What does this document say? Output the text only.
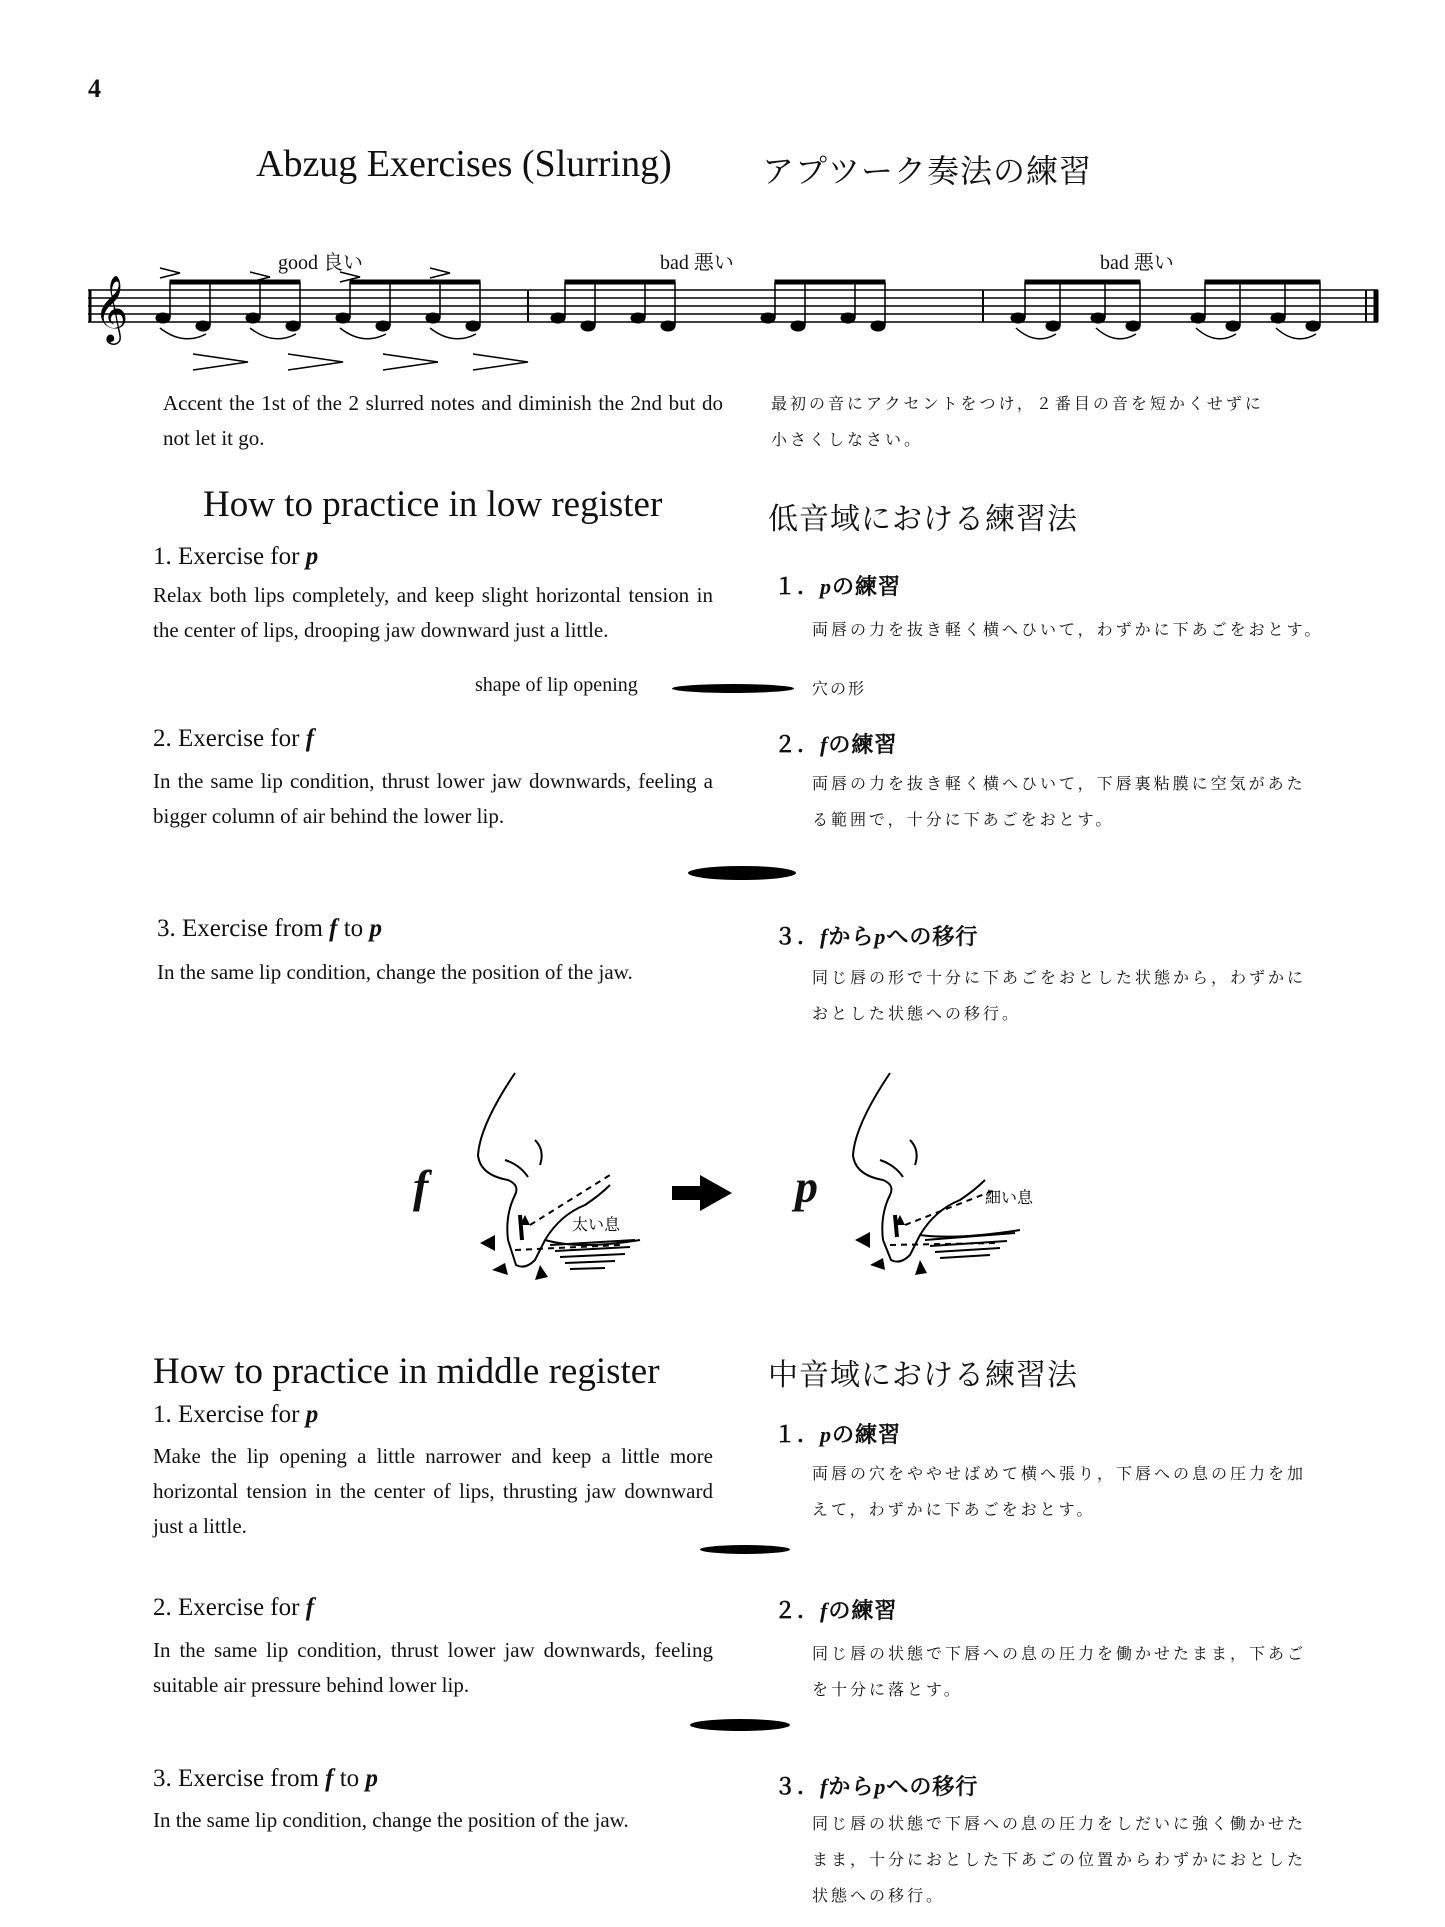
4
Abzug Exercises (Slurring)	アプツーク奏法の練習
good 良い	bad 悪い	bad 悪い
𝄞
Accent the 1st of the 2 slurred notes and diminish the 2nd but do not let it go.
最初の音にアクセントをつけ，２番目の音を短かくせずに
小さくしなさい。
How to practice in low register	低音域における練習法
1. Exercise for p
１．pの練習
Relax both lips completely, and keep slight horizontal tension in the center of lips, drooping jaw downward just a little.	両唇の力を抜き軽く横へひいて，わずかに下あごをおとす。
shape of lip opening	穴の形
2. Exercise for f	２．fの練習
In the same lip condition, thrust lower jaw downwards, feeling a bigger column of air behind the lower lip.
両唇の力を抜き軽く横へひいて，下唇裏粘膜に空気があた
る範囲で，十分に下あごをおとす。
3. Exercise from f to p	３．fからpへの移行
In the same lip condition, change the position of the jaw.	同じ唇の形で十分に下あごをおとした状態から，わずかに
おとした状態への移行。
f	p
太い息
細い息
How to practice in middle register	中音域における練習法
1. Exercise for p
１．pの練習
Make the lip opening a little narrower and keep a little more horizontal tension in the center of lips, thrusting jaw downward just a little.
両唇の穴をややせばめて横へ張り，下唇への息の圧力を加
えて，わずかに下あごをおとす。
2. Exercise for f	２．fの練習
In the same lip condition, thrust lower jaw downwards, feeling suitable air pressure behind lower lip.
同じ唇の状態で下唇への息の圧力を働かせたまま，下あご
を十分に落とす。
3. Exercise from f to p	３．fからpへの移行
In the same lip condition, change the position of the jaw.	同じ唇の状態で下唇への息の圧力をしだいに強く働かせた
まま，十分におとした下あごの位置からわずかにおとした
状態への移行。
